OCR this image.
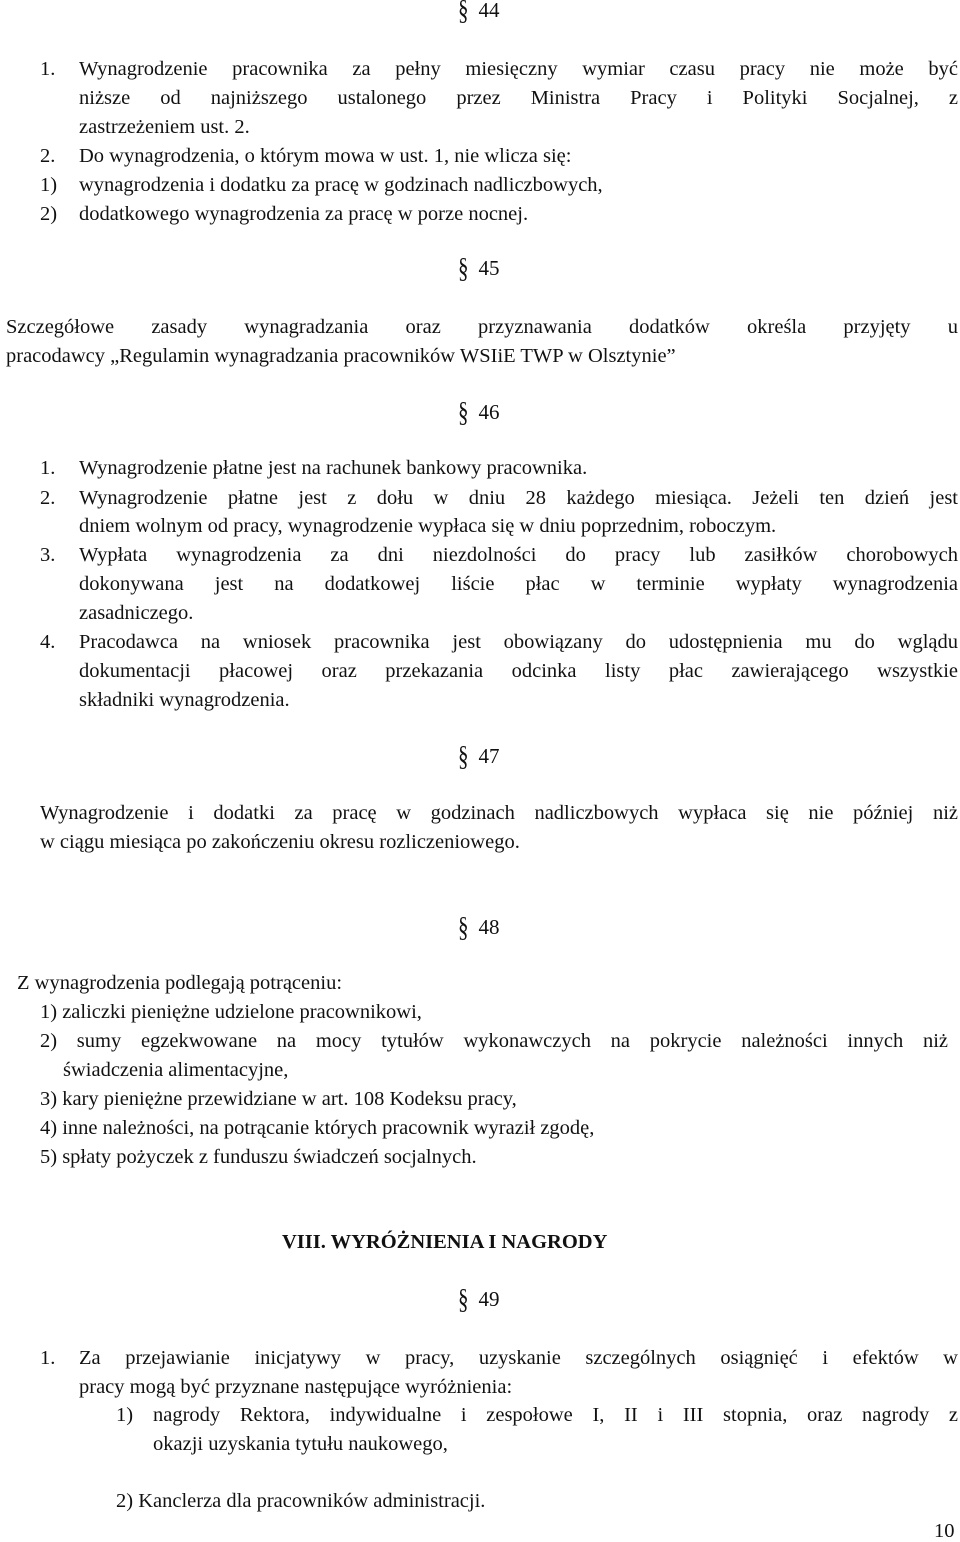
§ 44
1. Wynagrodzenie pracownika za pełny miesięczny wymiar czasu pracy nie może być
niższe od najniższego ustalonego przez Ministra Pracy i Polityki Socjalnej, z
zastrzeżeniem ust. 2.
2. Do wynagrodzenia, o którym mowa w ust. 1, nie wlicza się:
1) wynagrodzenia i dodatku za pracę w godzinach nadliczbowych,
2) dodatkowego wynagrodzenia za pracę w porze nocnej.
§ 45
Szczegółowe zasady wynagradzania oraz przyznawania dodatków określa przyjęty u
pracodawcy „Regulamin wynagradzania pracowników WSIiE TWP w Olsztynie”
§ 46
1. Wynagrodzenie płatne jest na rachunek bankowy pracownika.
2. Wynagrodzenie płatne jest z dołu w dniu 28 każdego miesiąca. Jeżeli ten dzień jest
dniem wolnym od pracy, wynagrodzenie wypłaca się w dniu poprzednim, roboczym.
3. Wypłata wynagrodzenia za dni niezdolności do pracy lub zasiłków chorobowych
dokonywana jest na dodatkowej liście płac w terminie wypłaty wynagrodzenia
zasadniczego.
4. Pracodawca na wniosek pracownika jest obowiązany do udostępnienia mu do wglądu
dokumentacji płacowej oraz przekazania odcinka listy płac zawierającego wszystkie
składniki wynagrodzenia.
§ 47
Wynagrodzenie i dodatki za pracę w godzinach nadliczbowych wypłaca się nie później niż
w ciągu miesiąca po zakończeniu okresu rozliczeniowego.
§ 48
Z wynagrodzenia podlegają potrąceniu:
1) zaliczki pieniężne udzielone pracownikowi,
2) sumy egzekwowane na mocy tytułów wykonawczych na pokrycie należności innych niż
świadczenia alimentacyjne,
3) kary pieniężne przewidziane w art. 108 Kodeksu pracy,
4) inne należności, na potrącanie których pracownik wyraził zgodę,
5) spłaty pożyczek z funduszu świadczeń socjalnych.
VIII. WYRÓŻNIENIA I NAGRODY
§ 49
1. Za przejawianie inicjatywy w pracy, uzyskanie szczególnych osiągnięć i efektów w
pracy mogą być przyznane następujące wyróżnienia:
1) nagrody Rektora, indywidualne i zespołowe I, II i III stopnia, oraz nagrody z
okazji uzyskania tytułu naukowego,
2) Kanclerza dla pracowników administracji.
10
